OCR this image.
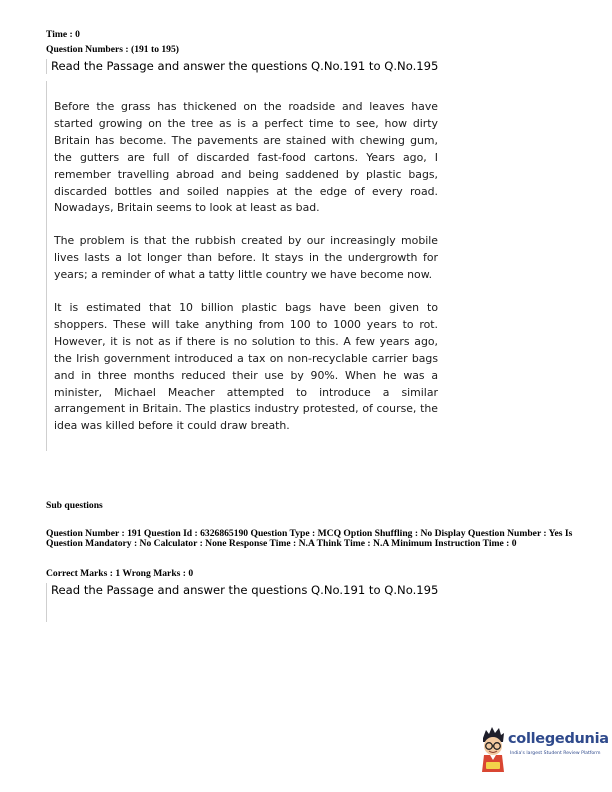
Time : 0
Question Numbers : (191 to 195)
Read the Passage and answer the questions Q.No.191 to Q.No.195
Before the grass has thickened on the roadside and leaves have started growing on the tree as is a perfect time to see, how dirty Britain has become. The pavements are stained with chewing gum, the gutters are full of discarded fast-food cartons. Years ago, I remember travelling abroad and being saddened by plastic bags, discarded bottles and soiled nappies at the edge of every road. Nowadays, Britain seems to look at least as bad.
The problem is that the rubbish created by our increasingly mobile lives lasts a lot longer than before. It stays in the undergrowth for years; a reminder of what a tatty little country we have become now.
It is estimated that 10 billion plastic bags have been given to shoppers. These will take anything from 100 to 1000 years to rot. However, it is not as if there is no solution to this. A few years ago, the Irish government introduced a tax on non-recyclable carrier bags and in three months reduced their use by 90%. When he was a minister, Michael Meacher attempted to introduce a similar arrangement in Britain. The plastics industry protested, of course, the idea was killed before it could draw breath.
Sub questions
Question Number : 191 Question Id : 6326865190 Question Type : MCQ Option Shuffling : No Display Question Number : Yes Is Question Mandatory : No Calculator : None Response Time : N.A Think Time : N.A Minimum Instruction Time : 0
Correct Marks : 1 Wrong Marks : 0
Read the Passage and answer the questions Q.No.191 to Q.No.195
collegedunia
India's largest Student Review Platform
